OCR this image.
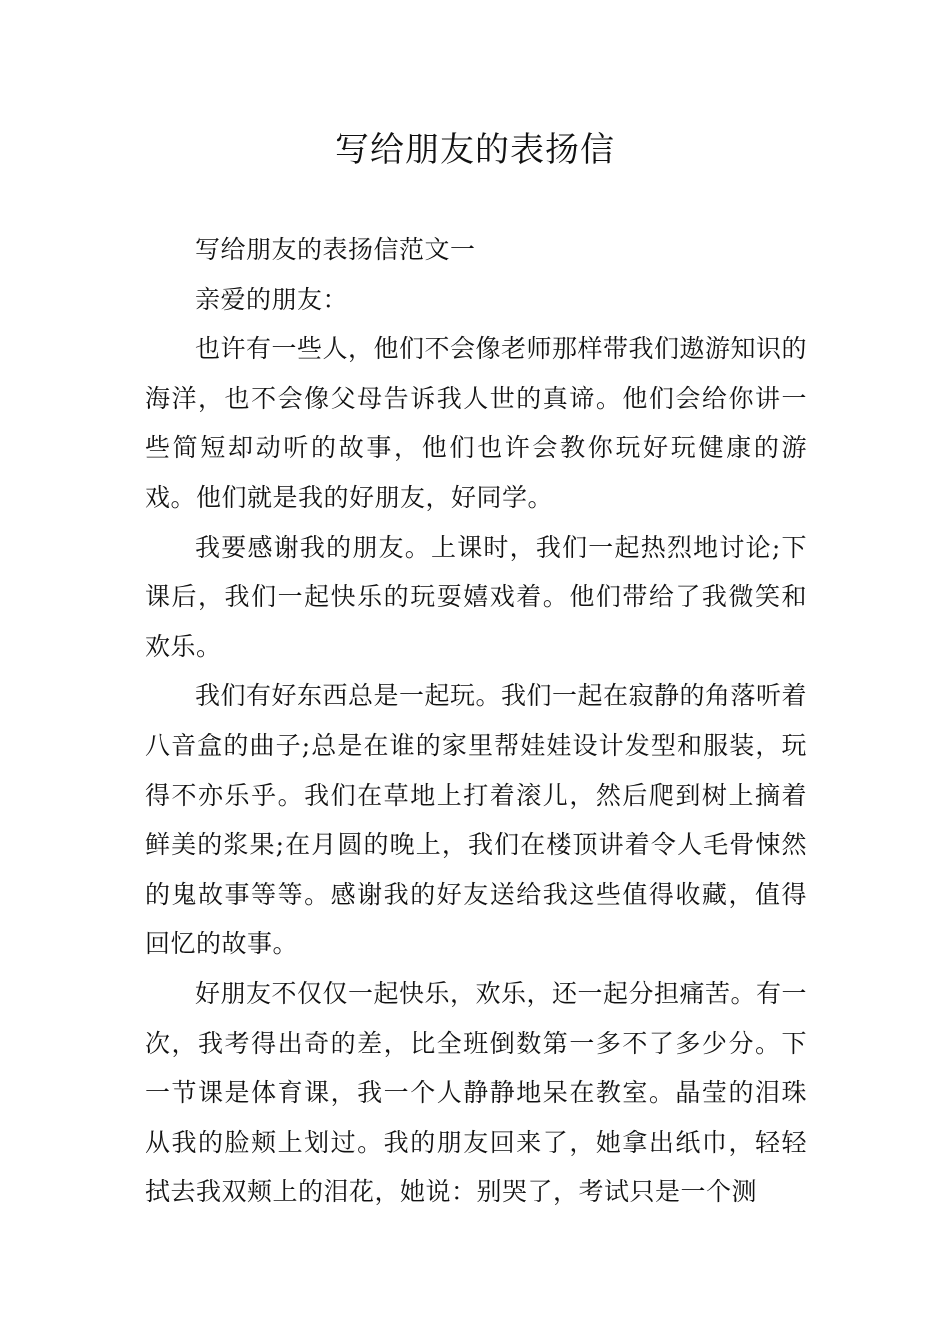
写给朋友的表扬信

写给朋友的表扬信范文一

亲爱的朋友：

也许有一些人，他们不会像老师那样带我们遨游知识的海洋，也不会像父母告诉我人世的真谛。他们会给你讲一些简短却动听的故事，他们也许会教你玩好玩健康的游戏。他们就是我的好朋友，好同学。

我要感谢我的朋友。上课时，我们一起热烈地讨论;下课后，我们一起快乐的玩耍嬉戏着。他们带给了我微笑和欢乐。

我们有好东西总是一起玩。我们一起在寂静的角落听着八音盒的曲子;总是在谁的家里帮娃娃设计发型和服装，玩得不亦乐乎。我们在草地上打着滚儿，然后爬到树上摘着鲜美的浆果;在月圆的晚上，我们在楼顶讲着令人毛骨悚然的鬼故事等等。感谢我的好友送给我这些值得收藏，值得回忆的故事。

好朋友不仅仅一起快乐，欢乐，还一起分担痛苦。有一次，我考得出奇的差，比全班倒数第一多不了多少分。下一节课是体育课，我一个人静静地呆在教室。晶莹的泪珠从我的脸颊上划过。我的朋友回来了，她拿出纸巾，轻轻拭去我双颊上的泪花，她说：别哭了，考试只是一个测
